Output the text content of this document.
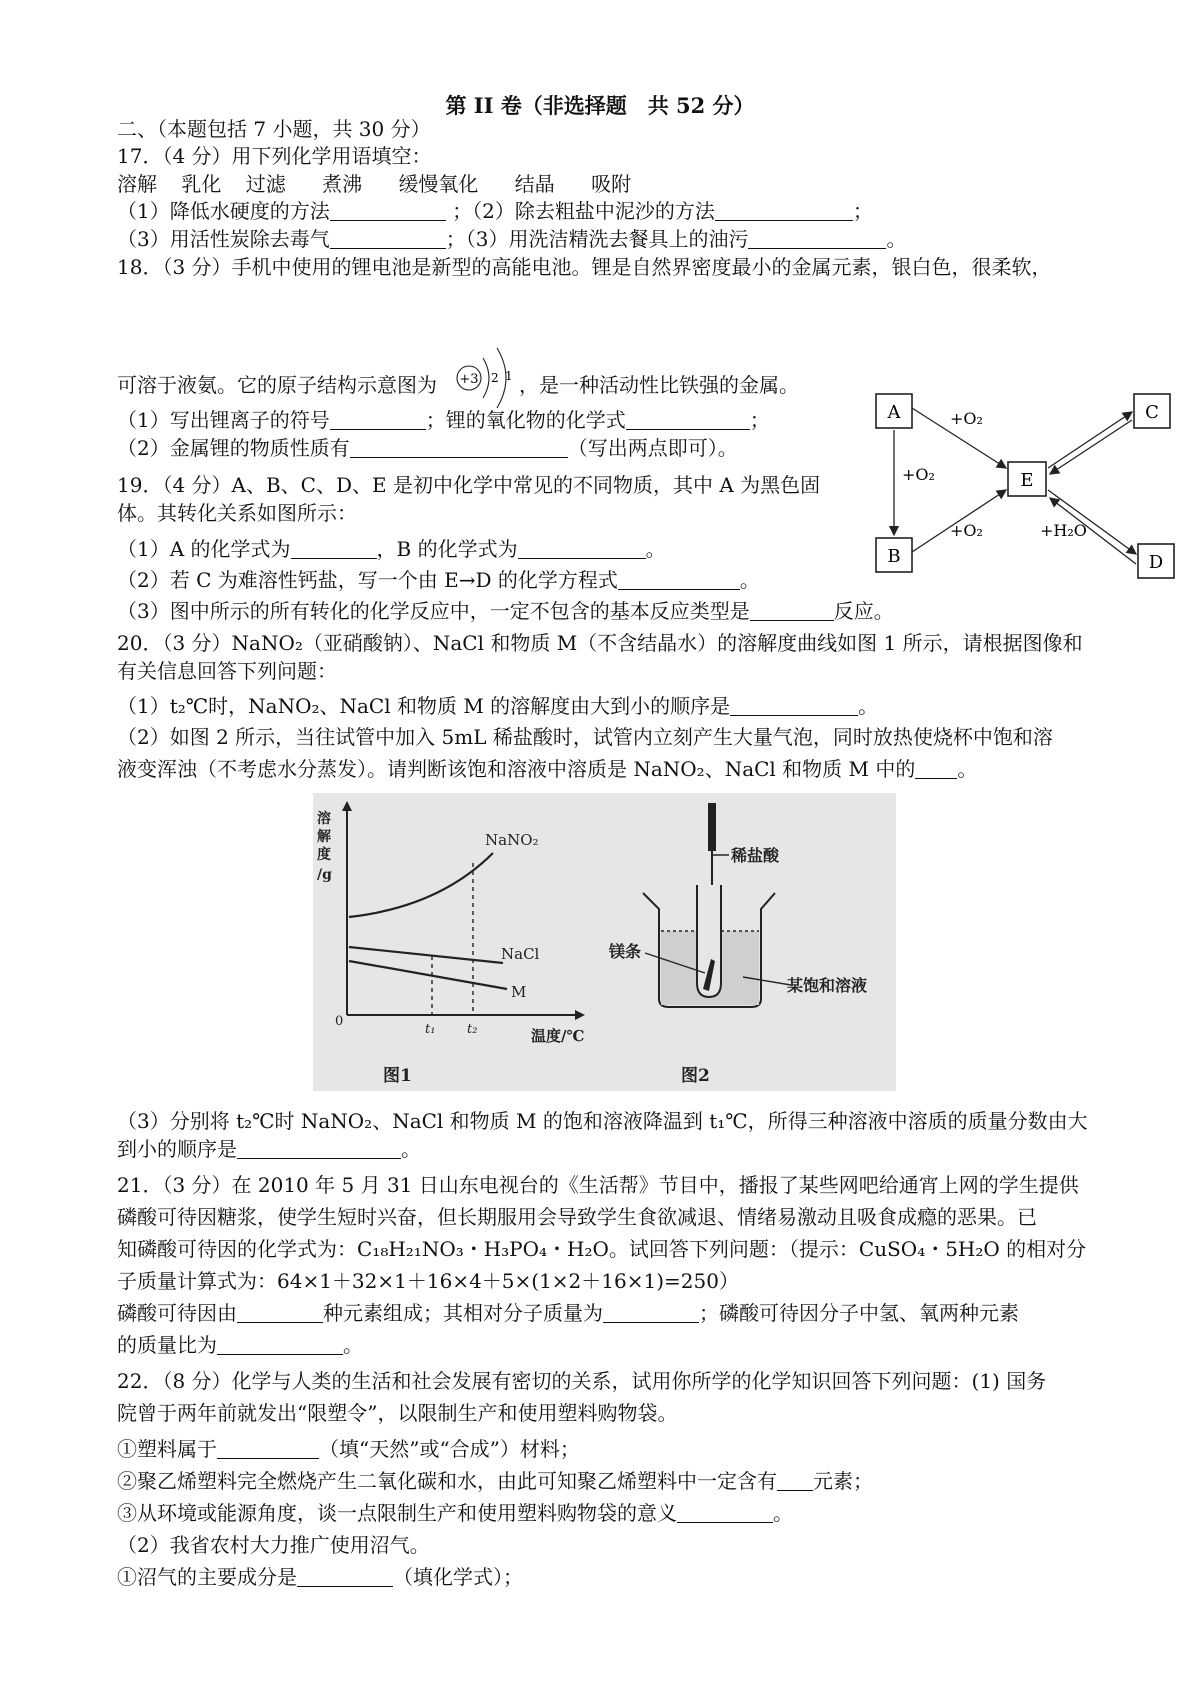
第 II 卷（非选择题　共 52 分）
二、（本题包括 7 小题，共 30 分）
17．（4 分）用下列化学用语填空：
溶解 乳化 过滤 煮沸 缓慢氧化 结晶 吸附
（1）降低水硬度的方法	；（2）除去粗盐中泥沙的方法	；
（3）用活性炭除去毒气	；（3）用洗洁精洗去餐具上的油污	。
18．（3 分）手机中使用的锂电池是新型的高能电池。锂是自然界密度最小的金属元素，银白色，很柔软，
+3 2 1
可溶于液氨。它的原子结构示意图为	，是一种活动性比铁强的金属。
（1）写出锂离子的符号	；锂的氧化物的化学式	；
（2）金属锂的物质性质有	（写出两点即可）。
19．（4 分）A、B、C、D、E 是初中化学中常见的不同物质，其中 A 为黑色固
体。其转化关系如图所示：
（1）A 的化学式为	，B 的化学式为	。
（2）若 C 为难溶性钙盐，写一个由 E→D 的化学方程式	。
（3）图中所示的所有转化的化学反应中，一定不包含的基本反应类型是	反应。
A
B
C
D
E
+O₂
+O₂
+O₂	+H₂O
20．（3 分）NaNO₂（亚硝酸钠）、NaCl 和物质 M（不含结晶水）的溶解度曲线如图 1 所示，请根据图像和
有关信息回答下列问题：
（1）t₂℃时，NaNO₂、NaCl 和物质 M 的溶解度由大到小的顺序是	。
（2）如图 2 所示，当往试管中加入 5mL 稀盐酸时，试管内立刻产生大量气泡，同时放热使烧杯中饱和溶
液变浑浊（不考虑水分蒸发）。请判断该饱和溶液中溶质是 NaNO₂、NaCl 和物质 M 中的 。
溶
解
度
/g
NaNO₂
NaCl
M
0
t₁ t₂	温度/℃
图1
稀盐酸
镁条
某饱和溶液
图2
（3）分别将 t₂℃时 NaNO₂、NaCl 和物质 M 的饱和溶液降温到 t₁℃，所得三种溶液中溶质的质量分数由大
到小的顺序是	。
21．（3 分）在 2010 年 5 月 31 日山东电视台的《生活帮》节目中，播报了某些网吧给通宵上网的学生提供
磷酸可待因糖浆，使学生短时兴奋，但长期服用会导致学生食欲减退、情绪易激动且吸食成瘾的恶果。已
知磷酸可待因的化学式为：C₁₈H₂₁NO₃・H₃PO₄・H₂O。试回答下列问题：（提示：CuSO₄・5H₂O 的相对分
子质量计算式为：64×1＋32×1＋16×4＋5×(1×2＋16×1)=250）
磷酸可待因由	种元素组成；其相对分子质量为	；磷酸可待因分子中氢、氧两种元素
的质量比为	。
22．（8 分）化学与人类的生活和社会发展有密切的关系，试用你所学的化学知识回答下列问题：(1) 国务
院曾于两年前就发出“限塑令”，以限制生产和使用塑料购物袋。
①塑料属于	（填“天然”或“合成”）材料；
②聚乙烯塑料完全燃烧产生二氧化碳和水，由此可知聚乙烯塑料中一定含有 元素；
③从环境或能源角度，谈一点限制生产和使用塑料购物袋的意义	。
（2）我省农村大力推广使用沼气。
①沼气的主要成分是	（填化学式）；
